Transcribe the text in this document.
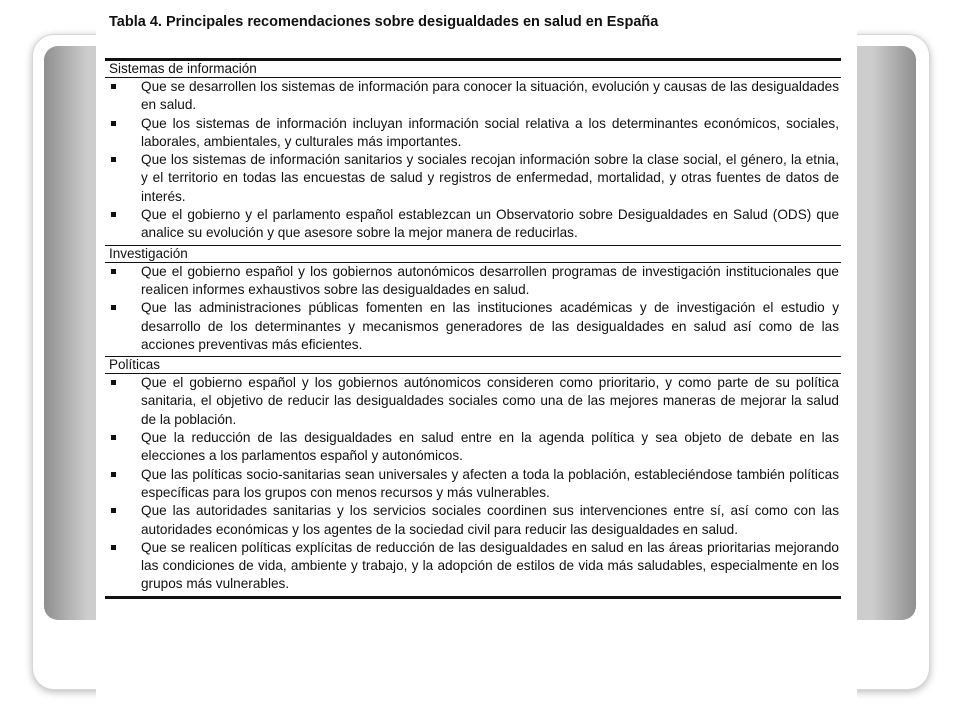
Tabla 4. Principales recomendaciones sobre desigualdades en salud en España
Sistemas de información
Que se desarrollen los sistemas de información para conocer la situación, evolución y causas de las desigualdades en salud.
Que los sistemas de información incluyan información social relativa a los determinantes económicos, sociales, laborales, ambientales, y culturales más importantes.
Que los sistemas de información sanitarios y sociales recojan información sobre la clase social, el género, la etnia, y el territorio en todas las encuestas de salud y registros de enfermedad, mortalidad, y otras fuentes de datos de interés.
Que el gobierno y el parlamento español establezcan un Observatorio sobre Desigualdades en Salud (ODS) que analice su evolución y que asesore sobre la mejor manera de reducirlas.
Investigación
Que el gobierno español y los gobiernos autonómicos desarrollen programas de investigación institucionales que realicen informes exhaustivos sobre las desigualdades en salud.
Que las administraciones públicas fomenten en las instituciones académicas y de investigación el estudio y desarrollo de los determinantes y mecanismos generadores de las desigualdades en salud así como de las acciones preventivas más eficientes.
Políticas
Que el gobierno español y los gobiernos autónomicos consideren como prioritario, y como parte de su política sanitaria, el objetivo de reducir las desigualdades sociales como una de las mejores maneras de mejorar la salud de la población.
Que la reducción de las desigualdades en salud entre en la agenda política y sea objeto de debate en las elecciones a los parlamentos español y autonómicos.
Que las políticas socio-sanitarias sean universales y afecten a toda la población, estableciéndose también políticas específicas para los grupos con menos recursos y más vulnerables.
Que las autoridades sanitarias y los servicios sociales coordinen sus intervenciones entre sí, así como con las autoridades económicas y los agentes de la sociedad civil para reducir las desigualdades en salud.
Que se realicen políticas explícitas de reducción de las desigualdades en salud en las áreas prioritarias mejorando las condiciones de vida, ambiente y trabajo, y la adopción de estilos de vida más saludables, especialmente en los grupos más vulnerables.
